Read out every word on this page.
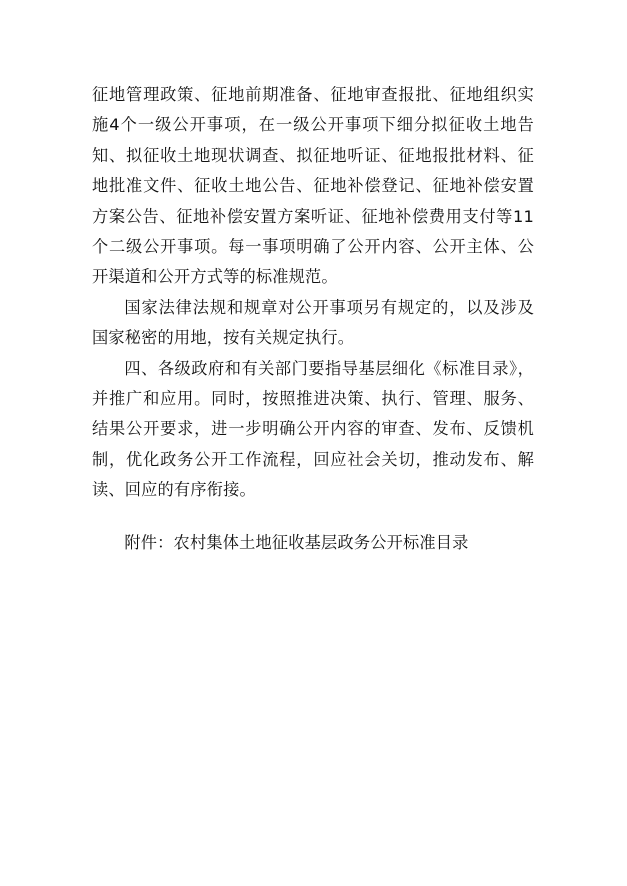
征地管理政策、征地前期准备、征地审查报批、征地组织实施4个一级公开事项，在一级公开事项下细分拟征收土地告知、拟征收土地现状调查、拟征地听证、征地报批材料、征地批准文件、征收土地公告、征地补偿登记、征地补偿安置方案公告、征地补偿安置方案听证、征地补偿费用支付等11个二级公开事项。每一事项明确了公开内容、公开主体、公开渠道和公开方式等的标准规范。

国家法律法规和规章对公开事项另有规定的，以及涉及国家秘密的用地，按有关规定执行。

四、各级政府和有关部门要指导基层细化《标准目录》，并推广和应用。同时，按照推进决策、执行、管理、服务、结果公开要求，进一步明确公开内容的审查、发布、反馈机制，优化政务公开工作流程，回应社会关切，推动发布、解读、回应的有序衔接。

附件：农村集体土地征收基层政务公开标准目录
